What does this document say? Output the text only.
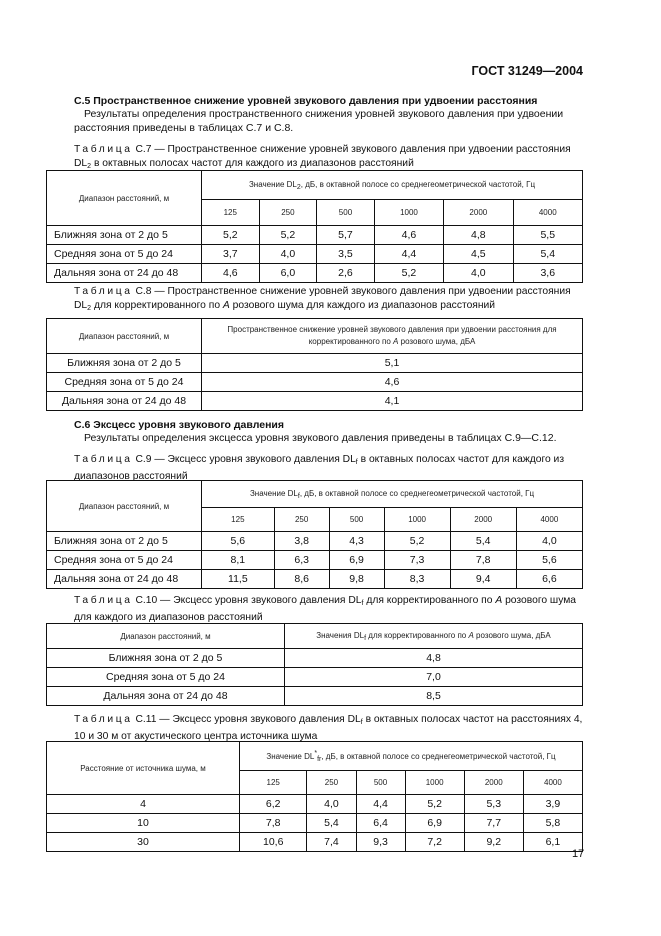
ГОСТ 31249—2004

С.5 Пространственное снижение уровней звукового давления при удвоении расстояния

Результаты определения пространственного снижения уровней звукового давления при удвоении расстояния приведены в таблицах С.7 и С.8.

Таблица С.7 — Пространственное снижение уровней звукового давления при удвоении расстояния $DL_2$ в октавных полосах частот для каждого из диапазонов расстояний

Диапазон расстояний, м	Значение $DL_2$, дБ, в октавной полосе со среднегеометрической частотой, Гц					
	125	250	500	1000	2000	4000
Ближняя зона от 2 до 5	5,2	5,2	5,7	4,6	4,8	5,5
Средняя зона от 5 до 24	3,7	4,0	3,5	4,4	4,5	5,4
Дальняя зона от 24 до 48	4,6	6,0	2,6	5,2	4,0	3,6

Таблица С.8 — Пространственное снижение уровней звукового давления при удвоении расстояния $DL_2$ для корректированного по А розового шума для каждого из диапазонов расстояний

Диапазон расстояний, м	Пространственное снижение уровней звукового давления при удвоении расстояния для корректированного по А розового шума, дБА
Ближняя зона от 2 до 5	5,1
Средняя зона от 5 до 24	4,6
Дальняя зона от 24 до 48	4,1

С.6 Эксцесс уровня звукового давления

Результаты определения эксцесса уровня звукового давления приведены в таблицах С.9—С.12.

Таблица С.9 — Эксцесс уровня звукового давления $DL_f$ в октавных полосах частот для каждого из диапазонов расстояний

Диапазон расстояний, м	Значение $DL_f$, дБ, в октавной полосе со среднегеометрической частотой, Гц					
	125	250	500	1000	2000	4000
Ближняя зона от 2 до 5	5,6	3,8	4,3	5,2	5,4	4,0
Средняя зона от 5 до 24	8,1	6,3	6,9	7,3	7,8	5,6
Дальняя зона от 24 до 48	11,5	8,6	9,8	8,3	9,4	6,6

Таблица С.10 — Эксцесс уровня звукового давления $DL_f$ для корректированного по А розового шума для каждого из диапазонов расстояний

Диапазон расстояний, м	Значения $DL_f$ для корректированного по А розового шума, дБА
Ближняя зона от 2 до 5	4,8
Средняя зона от 5 до 24	7,0
Дальняя зона от 24 до 48	8,5

Таблица С.11 — Эксцесс уровня звукового давления $DL_f$ в октавных полосах частот на расстояниях 4, 10 и 30 м от акустического центра источника шума

Расстояние от источника шума, м	Значение $DL^*_{fr}$, дБ, в октавной полосе со среднегеометрической частотой, Гц					
	125	250	500	1000	2000	4000
4	6,2	4,0	4,4	5,2	5,3	3,9
10	7,8	5,4	6,4	6,9	7,7	5,8
30	10,6	7,4	9,3	7,2	9,2	6,1
17
